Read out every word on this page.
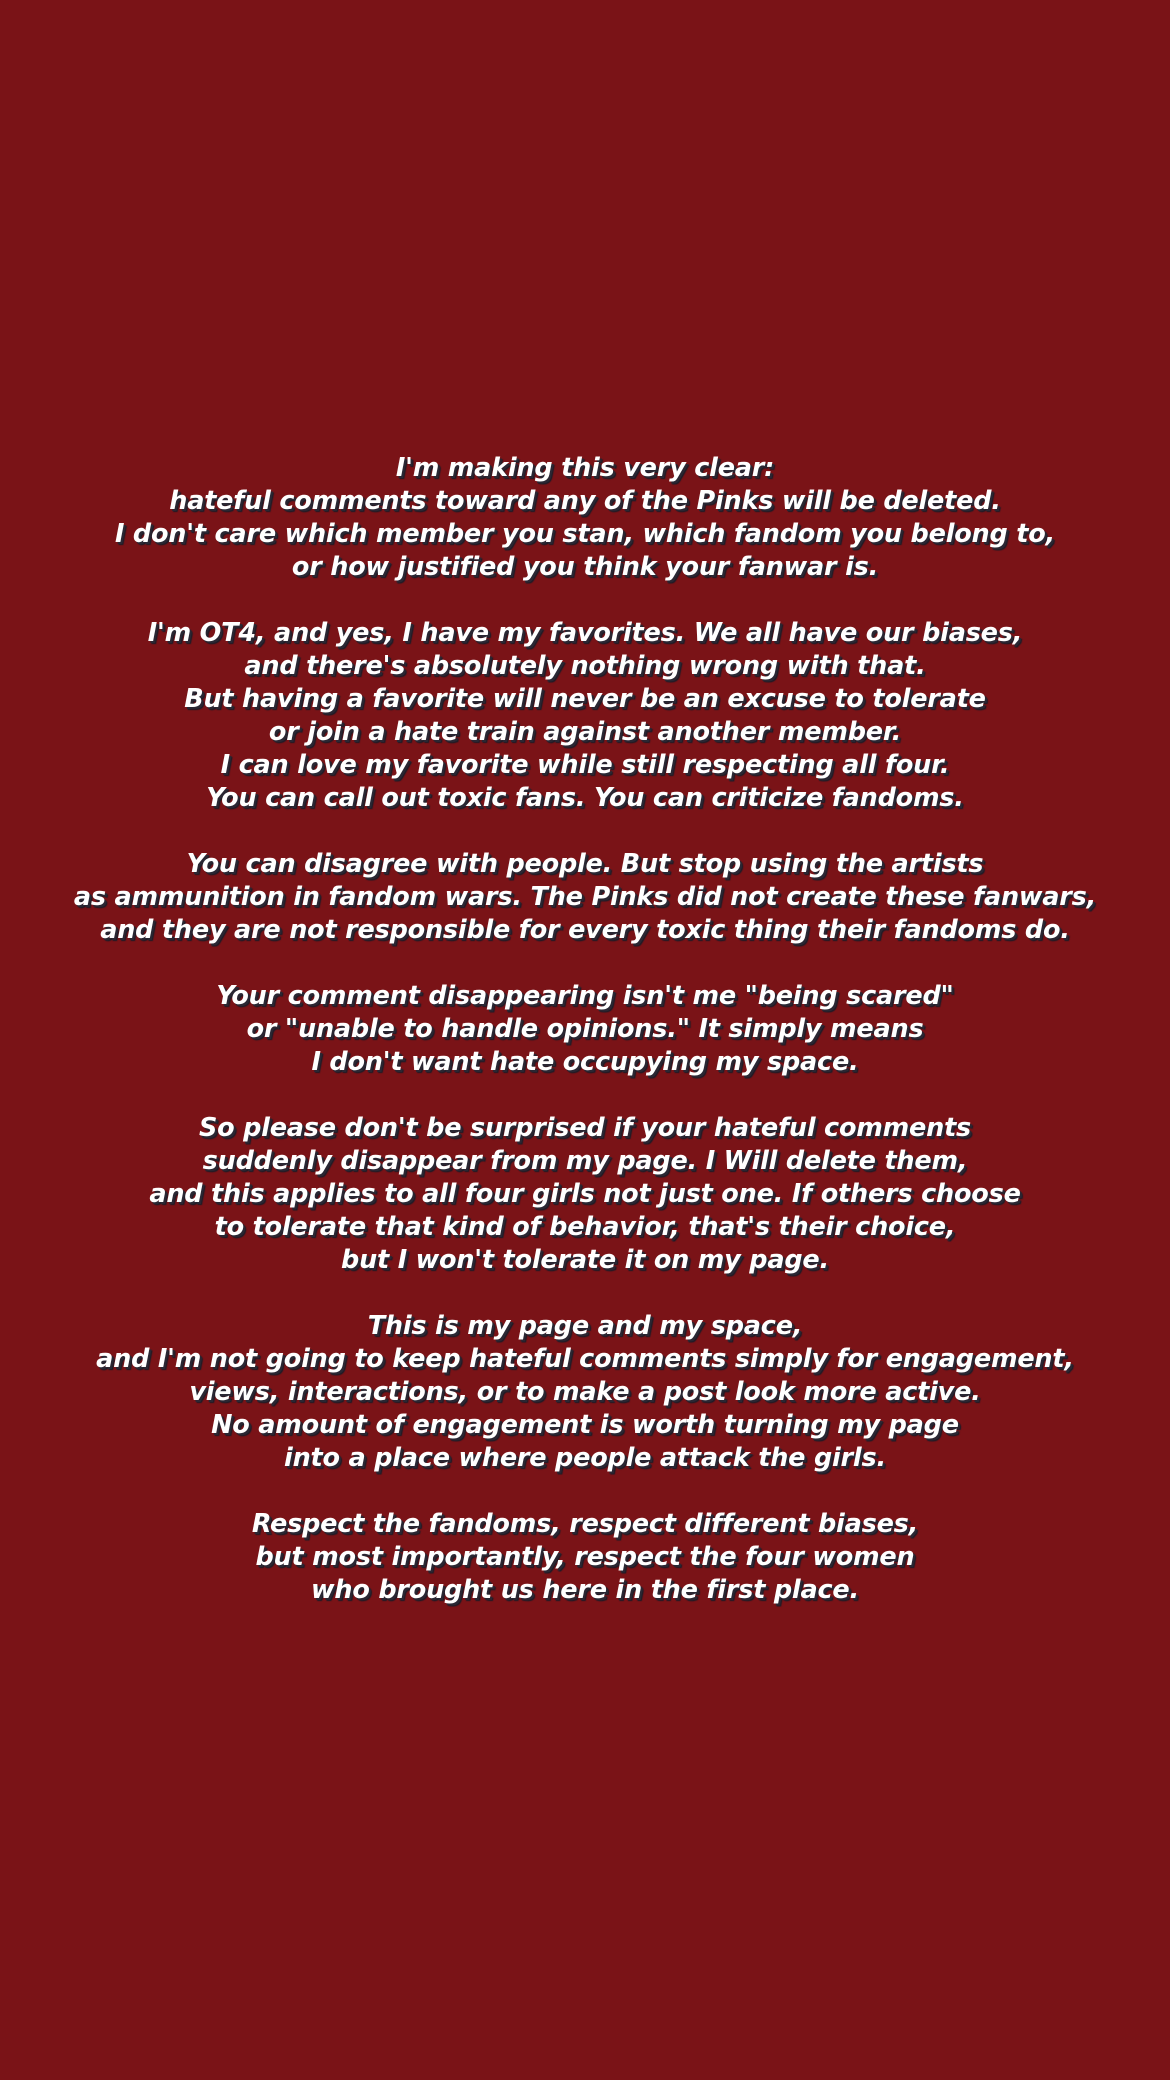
I'm making this very clear:
hateful comments toward any of the Pinks will be deleted.
I don't care which member you stan, which fandom you belong to,
or how justified you think your fanwar is.
I'm OT4, and yes, I have my favorites. We all have our biases,
and there's absolutely nothing wrong with that.
But having a favorite will never be an excuse to tolerate
or join a hate train against another member.
I can love my favorite while still respecting all four.
You can call out toxic fans. You can criticize fandoms.
You can disagree with people. But stop using the artists
as ammunition in fandom wars. The Pinks did not create these fanwars,
and they are not responsible for every toxic thing their fandoms do.
Your comment disappearing isn't me "being scared"
or "unable to handle opinions." It simply means
I don't want hate occupying my space.
So please don't be surprised if your hateful comments
suddenly disappear from my page. I Will delete them,
and this applies to all four girls not just one. If others choose
to tolerate that kind of behavior, that's their choice,
but I won't tolerate it on my page.
This is my page and my space,
and I'm not going to keep hateful comments simply for engagement,
views, interactions, or to make a post look more active.
No amount of engagement is worth turning my page
into a place where people attack the girls.
Respect the fandoms, respect different biases,
but most importantly, respect the four women
who brought us here in the first place.
